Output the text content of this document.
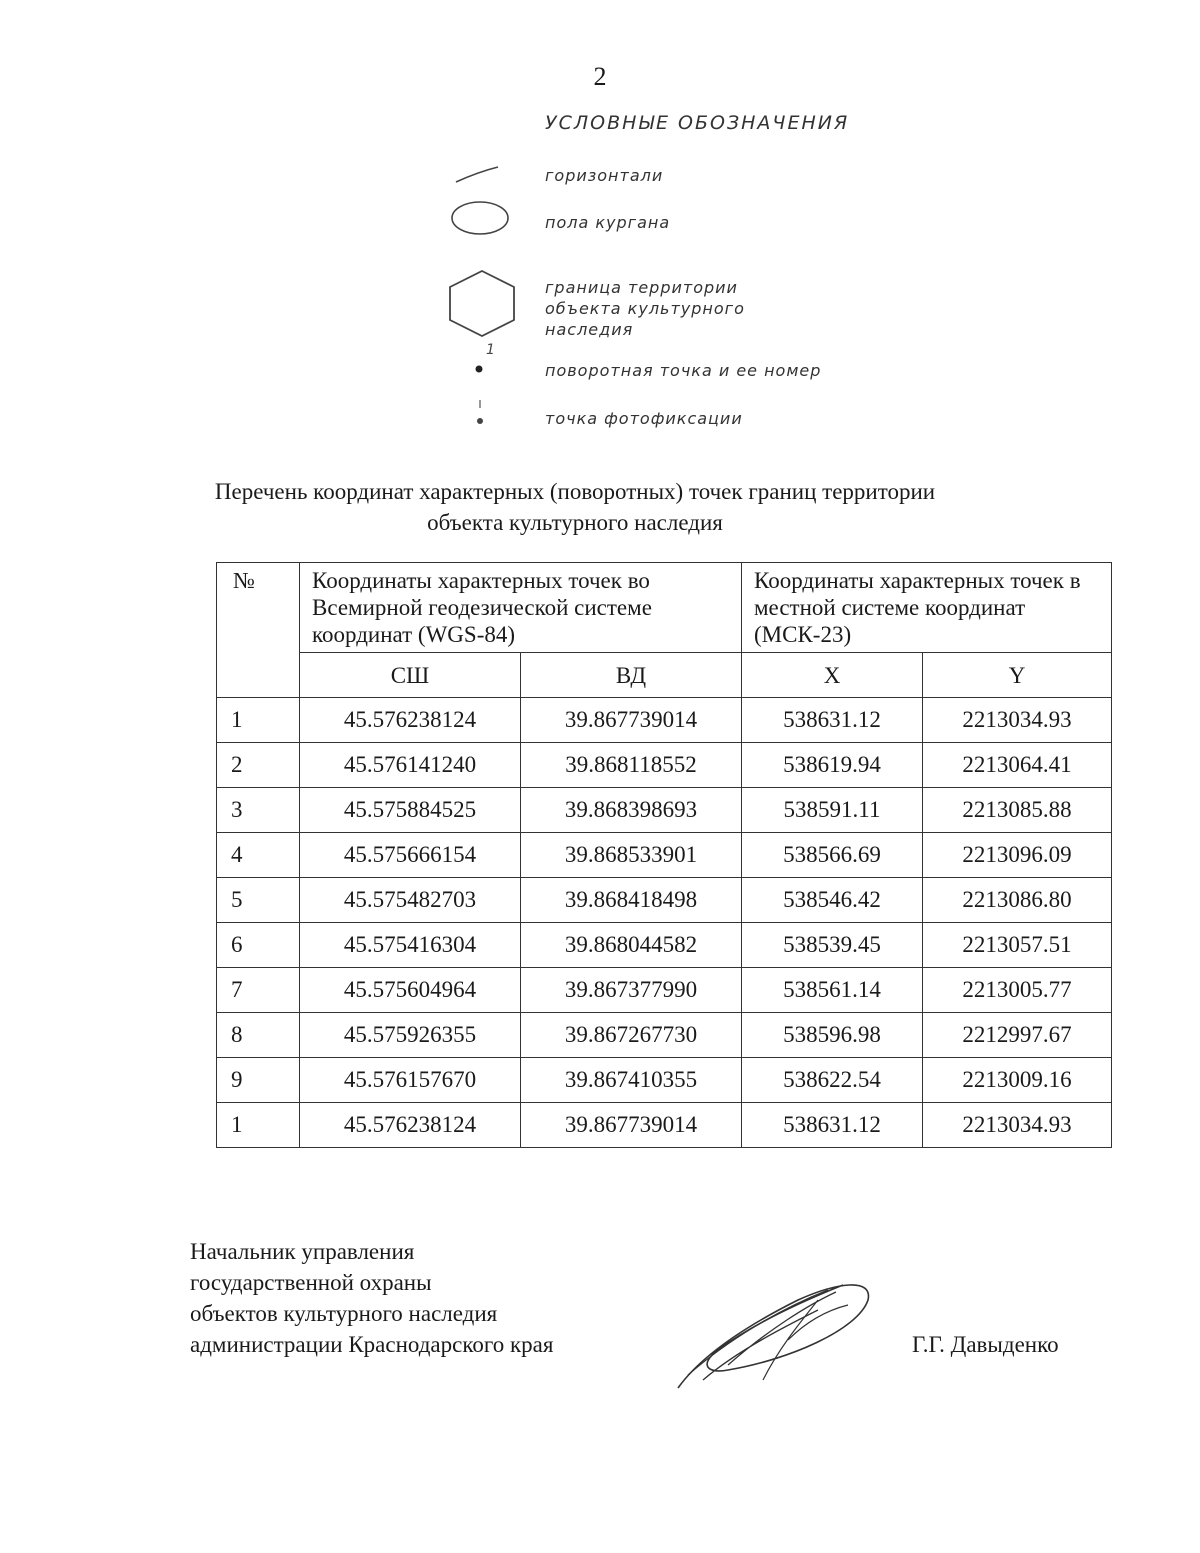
2
УСЛОВНЫЕ ОБОЗНАЧЕНИЯ
горизонтали
пола кургана
граница территории объекта культурного наследия
1
поворотная точка и ее номер
точка фотофиксации
Перечень координат характерных (поворотных) точек границ территории
объекта культурного наследия
№	Координаты характерных точек во Всемирной геодезической системе координат (WGS-84)		Координаты характерных точек в местной системе координат (МСК-23)	
	СШ	ВД	X	Y
1	45.576238124	39.867739014	538631.12	2213034.93
2	45.576141240	39.868118552	538619.94	2213064.41
3	45.575884525	39.868398693	538591.11	2213085.88
4	45.575666154	39.868533901	538566.69	2213096.09
5	45.575482703	39.868418498	538546.42	2213086.80
6	45.575416304	39.868044582	538539.45	2213057.51
7	45.575604964	39.867377990	538561.14	2213005.77
8	45.575926355	39.867267730	538596.98	2212997.67
9	45.576157670	39.867410355	538622.54	2213009.16
1	45.576238124	39.867739014	538631.12	2213034.93
Начальник управления
государственной охраны
объектов культурного наследия
администрации Краснодарского края	Г.Г. Давыденко
